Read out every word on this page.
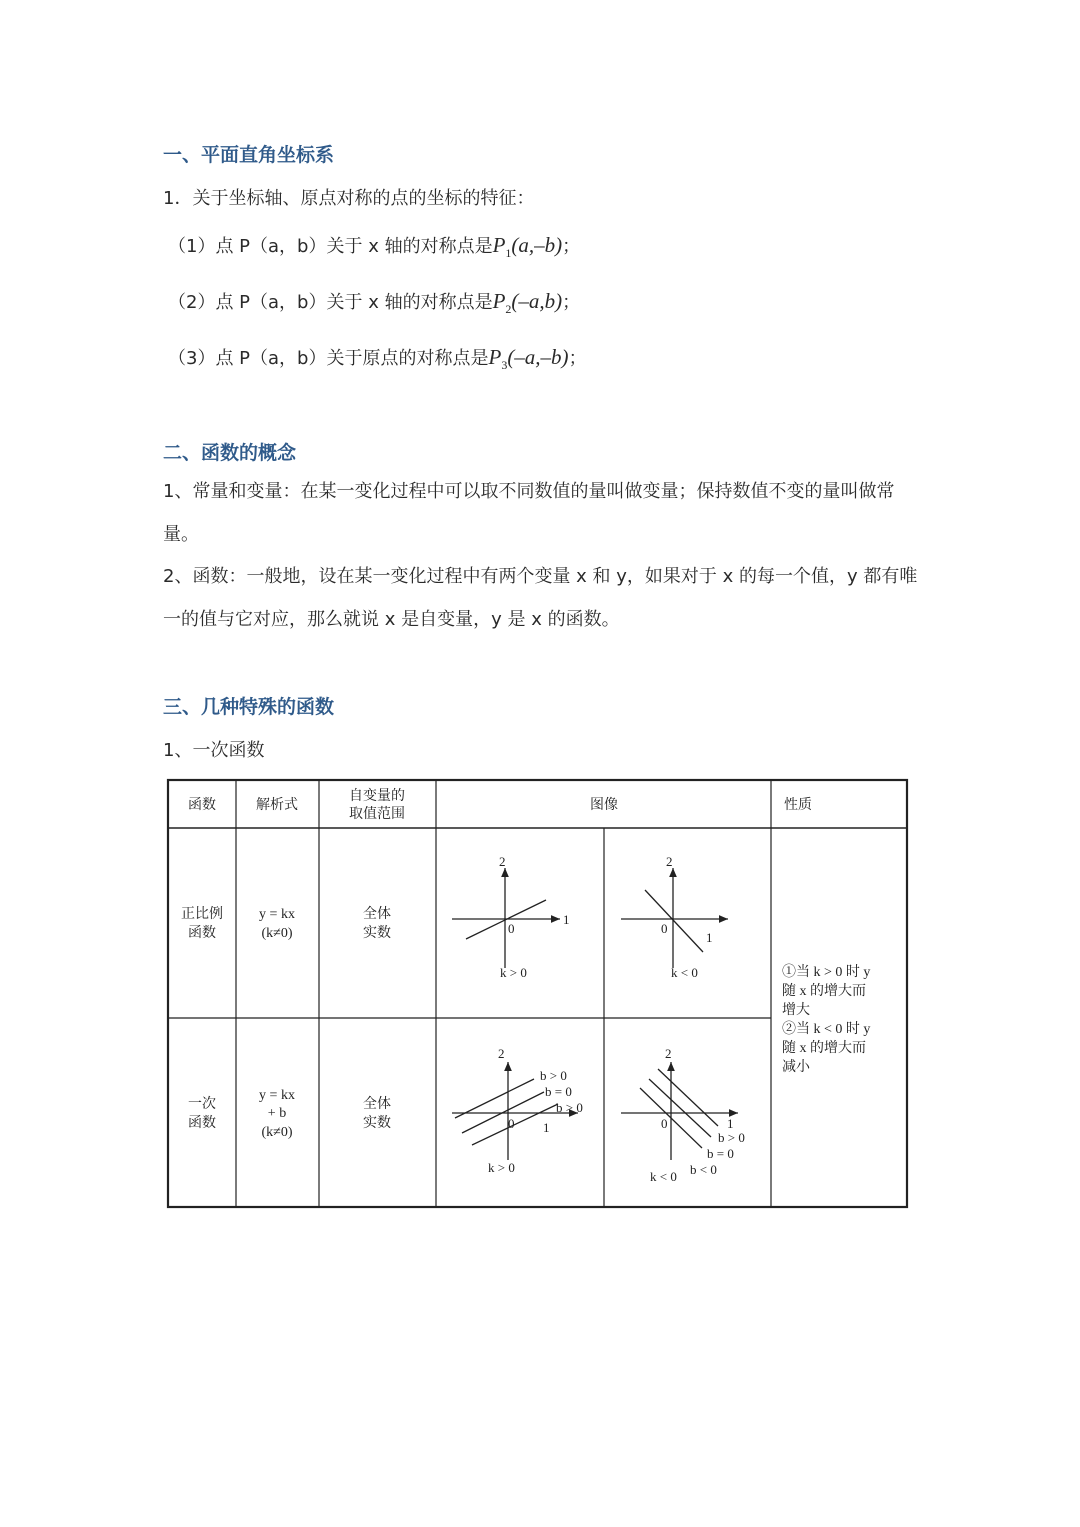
一、平面直角坐标系
1．关于坐标轴、原点对称的点的坐标的特征：
（1）点 P（a，b）关于 x 轴的对称点是$P_1(a,-b)$；
（2）点 P（a，b）关于 x 轴的对称点是$P_2(-a,b)$；
（3）点 P（a，b）关于原点的对称点是$P_3(-a,-b)$；
二、函数的概念
1、常量和变量：在某一变化过程中可以取不同数值的量叫做变量；保持数值不变的量叫做常量。
2、函数：一般地，设在某一变化过程中有两个变量 x 和 y，如果对于 x 的每一个值，y 都有唯一的值与它对应，那么就说 x 是自变量，y 是 x 的函数。
三、几种特殊的函数
1、一次函数
函数	解析式
自变量的
取值范围
图像	性质
正比例
函数
y = kx
(k≠0)
全体
实数
一次
函数
y = kx
+ b
(k≠0)
全体
实数
①当 k > 0 时 y
随 x 的增大而
增大
②当 k < 0 时 y
随 x 的增大而
减小
2
1
0
k > 0
2
1
0
k < 0
2
1
0
b > 0
b = 0
b > 0
k > 0
2
1
0
b > 0
b = 0
b < 0
k < 0
